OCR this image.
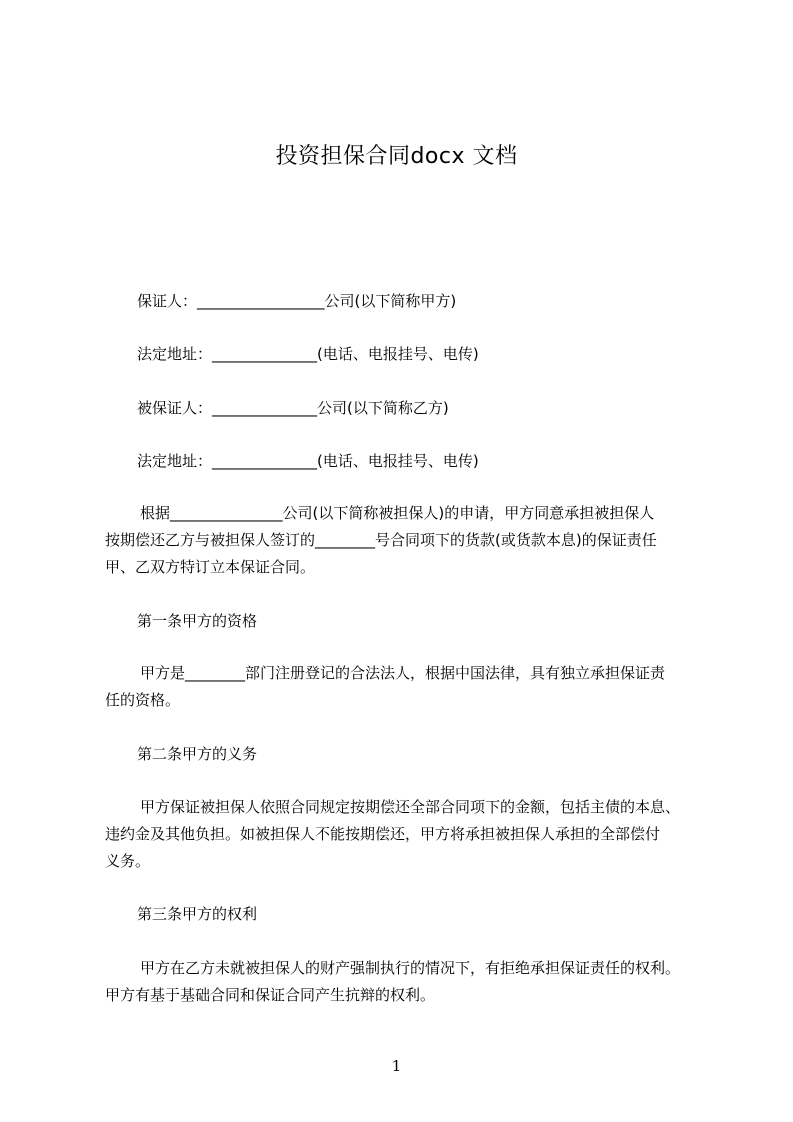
投资担保合同docx 文档
保证人：_________________公司(以下简称甲方)
法定地址：______________(电话、电报挂号、电传)
被保证人：______________公司(以下简称乙方)
法定地址：______________(电话、电报挂号、电传)
根据_______________公司(以下简称被担保人)的申请，甲方同意承担被担保人
按期偿还乙方与被担保人签订的________号合同项下的货款(或货款本息)的保证责任
甲、乙双方特订立本保证合同。
第一条甲方的资格
甲方是________部门注册登记的合法法人，根据中国法律，具有独立承担保证责
任的资格。
第二条甲方的义务
甲方保证被担保人依照合同规定按期偿还全部合同项下的金额，包括主债的本息、
违约金及其他负担。如被担保人不能按期偿还，甲方将承担被担保人承担的全部偿付
义务。
第三条甲方的权利
甲方在乙方未就被担保人的财产强制执行的情况下，有拒绝承担保证责任的权利。
甲方有基于基础合同和保证合同产生抗辩的权利。
1
